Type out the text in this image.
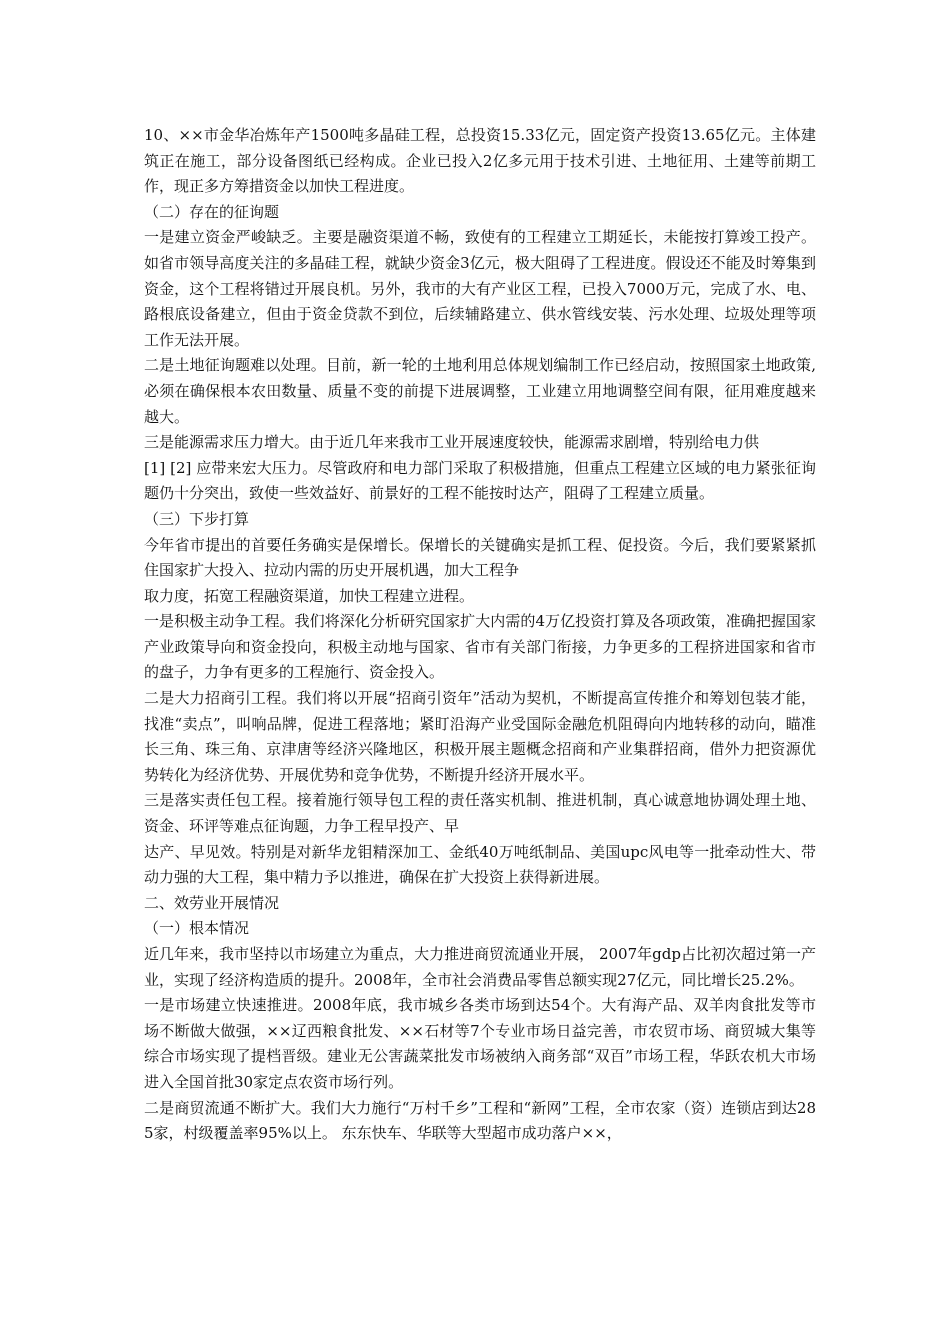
10、××市金华冶炼年产1500吨多晶硅工程，总投资15.33亿元，固定资产投资13.65亿元。主体建筑正在施工，部分设备图纸已经构成。企业已投入2亿多元用于技术引进、土地征用、土建等前期工作，现正多方筹措资金以加快工程进度。

（二）存在的征询题

一是建立资金严峻缺乏。主要是融资渠道不畅，致使有的工程建立工期延长，未能按打算竣工投产。如省市领导高度关注的多晶硅工程，就缺少资金3亿元，极大阻碍了工程进度。假设还不能及时筹集到资金，这个工程将错过开展良机。另外，我市的大有产业区工程，已投入7000万元，完成了水、电、路根底设备建立，但由于资金贷款不到位，后续辅路建立、供水管线安装、污水处理、垃圾处理等项工作无法开展。

二是土地征询题难以处理。目前，新一轮的土地利用总体规划编制工作已经启动，按照国家土地政策,必须在确保根本农田数量、质量不变的前提下进展调整，工业建立用地调整空间有限，征用难度越来越大。

三是能源需求压力增大。由于近几年来我市工业开展速度较快，能源需求剧增，特别给电力供

[1] [2] 应带来宏大压力。尽管政府和电力部门采取了积极措施，但重点工程建立区域的电力紧张征询题仍十分突出，致使一些效益好、前景好的工程不能按时达产，阻碍了工程建立质量。

（三）下步打算

今年省市提出的首要任务确实是保增长。保增长的关键确实是抓工程、促投资。今后，我们要紧紧抓住国家扩大投入、拉动内需的历史开展机遇，加大工程争

取力度，拓宽工程融资渠道，加快工程建立进程。

一是积极主动争工程。我们将深化分析研究国家扩大内需的4万亿投资打算及各项政策，准确把握国家产业政策导向和资金投向，积极主动地与国家、省市有关部门衔接，力争更多的工程挤进国家和省市的盘子，力争有更多的工程施行、资金投入。

二是大力招商引工程。我们将以开展“招商引资年”活动为契机，不断提高宣传推介和筹划包装才能，找准“卖点”，叫响品牌，促进工程落地；紧盯沿海产业受国际金融危机阻碍向内地转移的动向，瞄准长三角、珠三角、京津唐等经济兴隆地区，积极开展主题概念招商和产业集群招商，借外力把资源优势转化为经济优势、开展优势和竞争优势，不断提升经济开展水平。

三是落实责任包工程。接着施行领导包工程的责任落实机制、推进机制，真心诚意地协调处理土地、资金、环评等难点征询题，力争工程早投产、早

达产、早见效。特别是对新华龙钼精深加工、金纸40万吨纸制品、美国upc风电等一批牵动性大、带动力强的大工程，集中精力予以推进，确保在扩大投资上获得新进展。

二、效劳业开展情况

（一）根本情况

近几年来，我市坚持以市场建立为重点，大力推进商贸流通业开展， 2007年gdp占比初次超过第一产业，实现了经济构造质的提升。2008年，全市社会消费品零售总额实现27亿元，同比增长25.2%。

一是市场建立快速推进。2008年底，我市城乡各类市场到达54个。大有海产品、双羊肉食批发等市场不断做大做强，××辽西粮食批发、××石材等7个专业市场日益完善，市农贸市场、商贸城大集等综合市场实现了提档晋级。建业无公害蔬菜批发市场被纳入商务部“双百”市场工程，华跃农机大市场进入全国首批30家定点农资市场行列。

二是商贸流通不断扩大。我们大力施行“万村千乡”工程和“新网”工程，全市农家（资）连锁店到达285家，村级覆盖率95%以上。 东东快车、华联等大型超市成功落户××，
